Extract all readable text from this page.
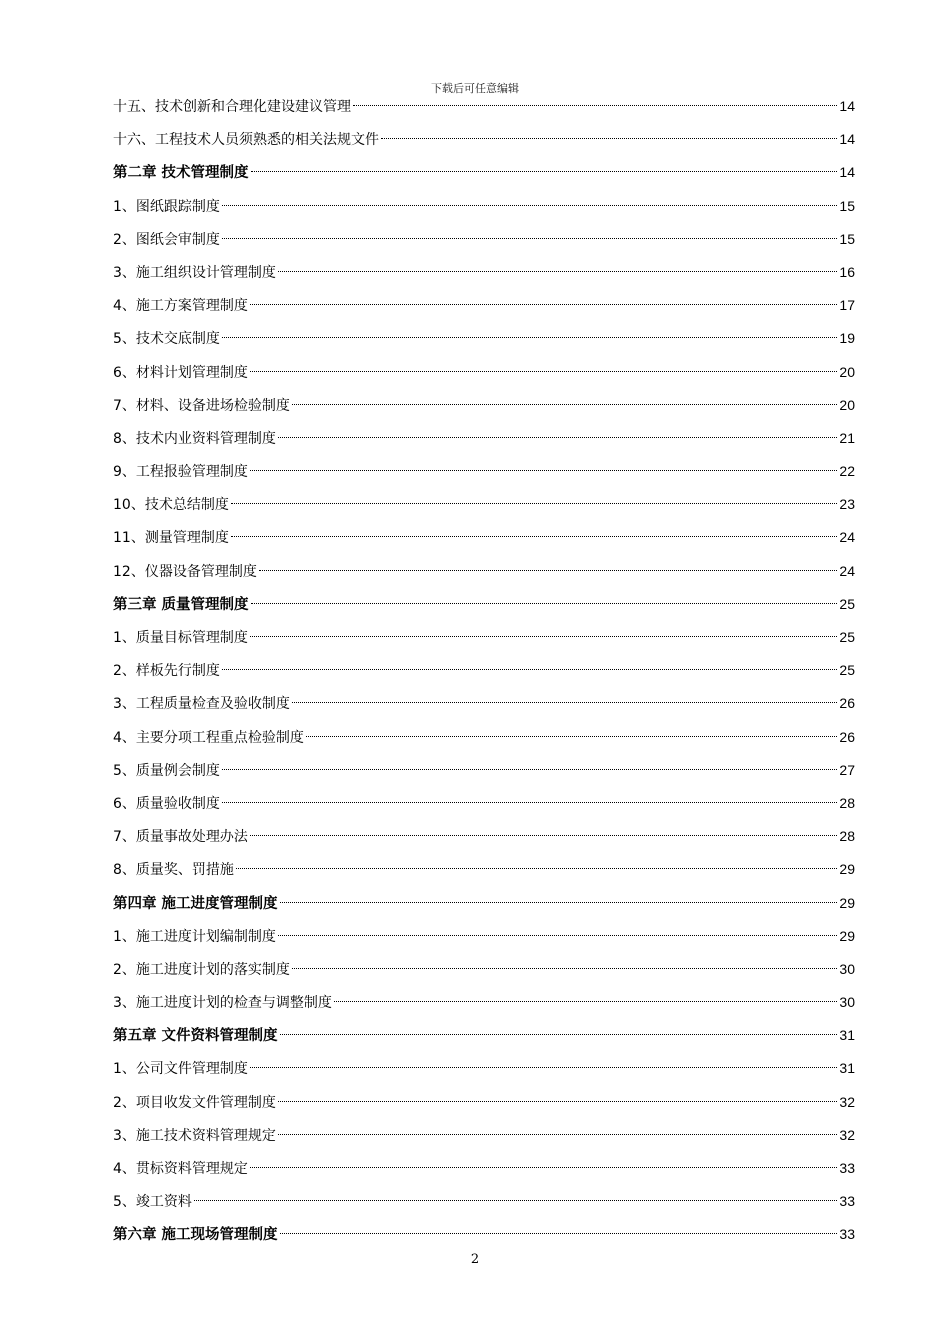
下载后可任意编辑
十五、技术创新和合理化建设建议管理	14
十六、工程技术人员须熟悉的相关法规文件	14
第二章 技术管理制度	14
1、图纸跟踪制度	15
2、图纸会审制度	15
3、施工组织设计管理制度	16
4、施工方案管理制度	17
5、技术交底制度	19
6、材料计划管理制度	20
7、材料、设备进场检验制度	20
8、技术内业资料管理制度	21
9、工程报验管理制度	22
10、技术总结制度	23
11、测量管理制度	24
12、仪器设备管理制度	24
第三章 质量管理制度	25
1、质量目标管理制度	25
2、样板先行制度	25
3、工程质量检查及验收制度	26
4、主要分项工程重点检验制度	26
5、质量例会制度	27
6、质量验收制度	28
7、质量事故处理办法	28
8、质量奖、罚措施	29
第四章 施工进度管理制度	29
1、施工进度计划编制制度	29
2、施工进度计划的落实制度	30
3、施工进度计划的检查与调整制度	30
第五章 文件资料管理制度	31
1、公司文件管理制度	31
2、项目收发文件管理制度	32
3、施工技术资料管理规定	32
4、贯标资料管理规定	33
5、竣工资料	33
第六章 施工现场管理制度	33
2
